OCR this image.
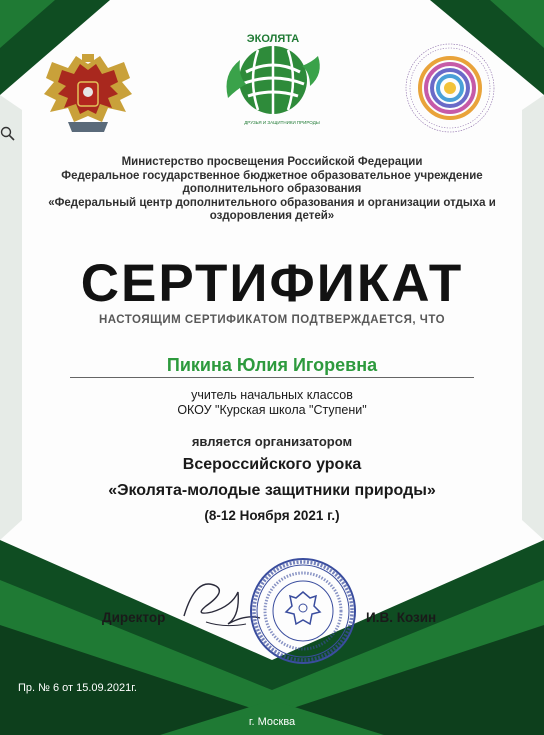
ЭКОЛЯТА
ДРУЗЬЯ И ЗАЩИТНИКИ ПРИРОДЫ
Министерство просвещения Российской Федерации
Федеральное государственное бюджетное образовательное учреждение
дополнительного образования
«Федеральный центр дополнительного образования и организации отдыха и
оздоровления детей»
СЕРТИФИКАТ
НАСТОЯЩИМ СЕРТИФИКАТОМ ПОДТВЕРЖДАЕТСЯ, ЧТО
Пикина Юлия Игоревна
учитель начальных классов
ОКОУ "Курская школа "Ступени"
является организатором
Всероссийского урока
«Эколята-молодые защитники природы»
(8-12 Ноября 2021 г.)
Директор	И.В. Козин
Пр. № 6 от 15.09.2021г.
г. Москва
